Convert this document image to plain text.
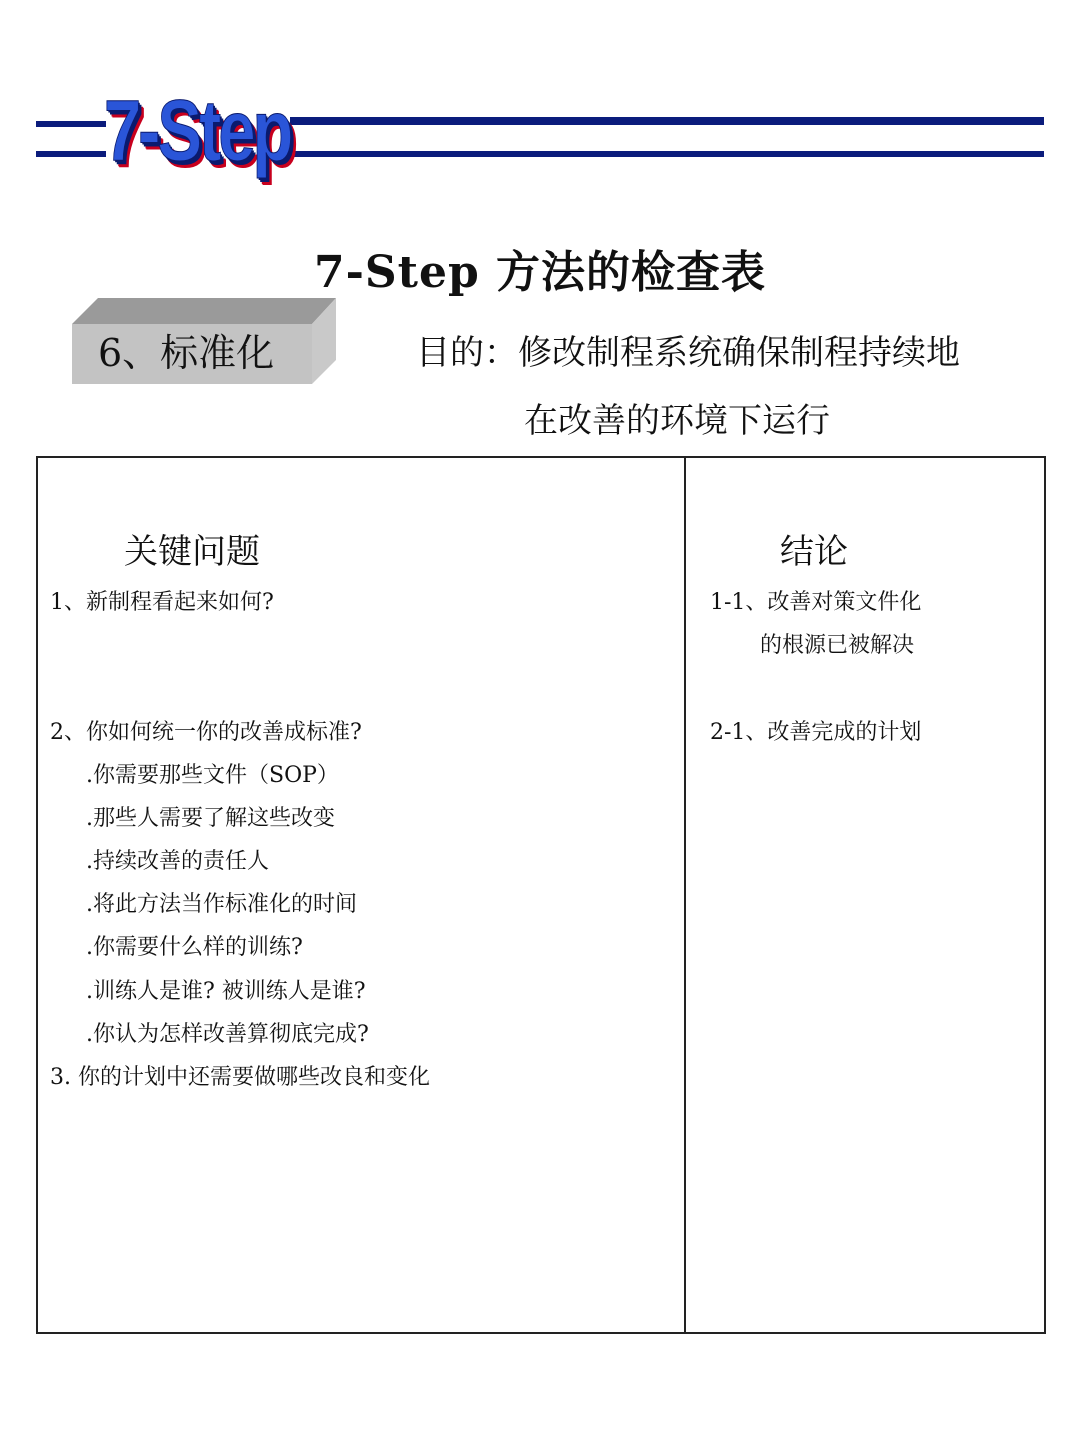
7-Step
7-Step 方法的检查表
6、标准化	目的：修改制程系统确保制程持续地
在改善的环境下运行
关键问题	结论
1、新制程看起来如何?
2、你如何统一你的改善成标准?
.你需要那些文件（SOP）
.那些人需要了解这些改变
.持续改善的责任人
.将此方法当作标准化的时间
.你需要什么样的训练?
.训练人是谁? 被训练人是谁?
.你认为怎样改善算彻底完成?
3. 你的计划中还需要做哪些改良和变化
1-1、改善对策文件化
的根源已被解决
2-1、改善完成的计划
